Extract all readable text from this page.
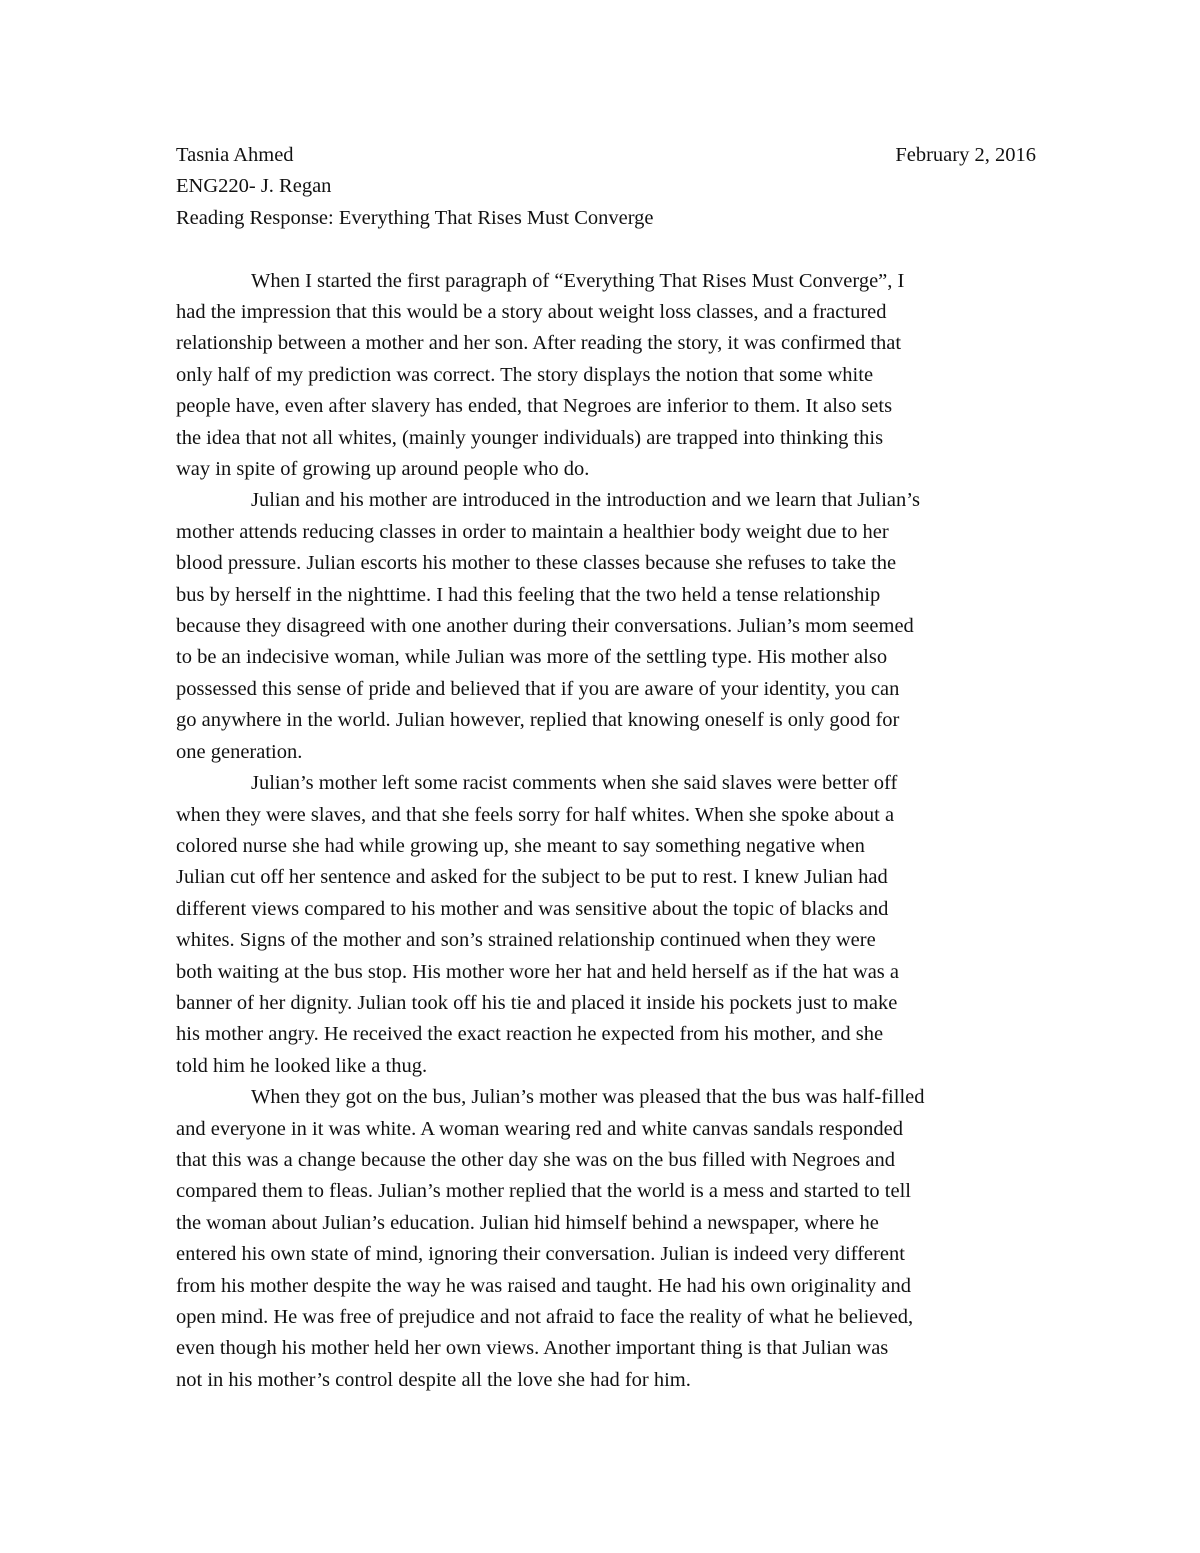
Tasnia Ahmed	February 2, 2016
ENG220- J. Regan
Reading Response: Everything That Rises Must Converge
When I started the first paragraph of “Everything That Rises Must Converge”, I
had the impression that this would be a story about weight loss classes, and a fractured
relationship between a mother and her son. After reading the story, it was confirmed that
only half of my prediction was correct. The story displays the notion that some white
people have, even after slavery has ended, that Negroes are inferior to them. It also sets
the idea that not all whites, (mainly younger individuals) are trapped into thinking this
way in spite of growing up around people who do.
Julian and his mother are introduced in the introduction and we learn that Julian’s
mother attends reducing classes in order to maintain a healthier body weight due to her
blood pressure. Julian escorts his mother to these classes because she refuses to take the
bus by herself in the nighttime. I had this feeling that the two held a tense relationship
because they disagreed with one another during their conversations. Julian’s mom seemed
to be an indecisive woman, while Julian was more of the settling type. His mother also
possessed this sense of pride and believed that if you are aware of your identity, you can
go anywhere in the world. Julian however, replied that knowing oneself is only good for
one generation.
Julian’s mother left some racist comments when she said slaves were better off
when they were slaves, and that she feels sorry for half whites. When she spoke about a
colored nurse she had while growing up, she meant to say something negative when
Julian cut off her sentence and asked for the subject to be put to rest. I knew Julian had
different views compared to his mother and was sensitive about the topic of blacks and
whites. Signs of the mother and son’s strained relationship continued when they were
both waiting at the bus stop. His mother wore her hat and held herself as if the hat was a
banner of her dignity. Julian took off his tie and placed it inside his pockets just to make
his mother angry. He received the exact reaction he expected from his mother, and she
told him he looked like a thug.
When they got on the bus, Julian’s mother was pleased that the bus was half-filled
and everyone in it was white. A woman wearing red and white canvas sandals responded
that this was a change because the other day she was on the bus filled with Negroes and
compared them to fleas. Julian’s mother replied that the world is a mess and started to tell
the woman about Julian’s education. Julian hid himself behind a newspaper, where he
entered his own state of mind, ignoring their conversation. Julian is indeed very different
from his mother despite the way he was raised and taught. He had his own originality and
open mind. He was free of prejudice and not afraid to face the reality of what he believed,
even though his mother held her own views. Another important thing is that Julian was
not in his mother’s control despite all the love she had for him.
